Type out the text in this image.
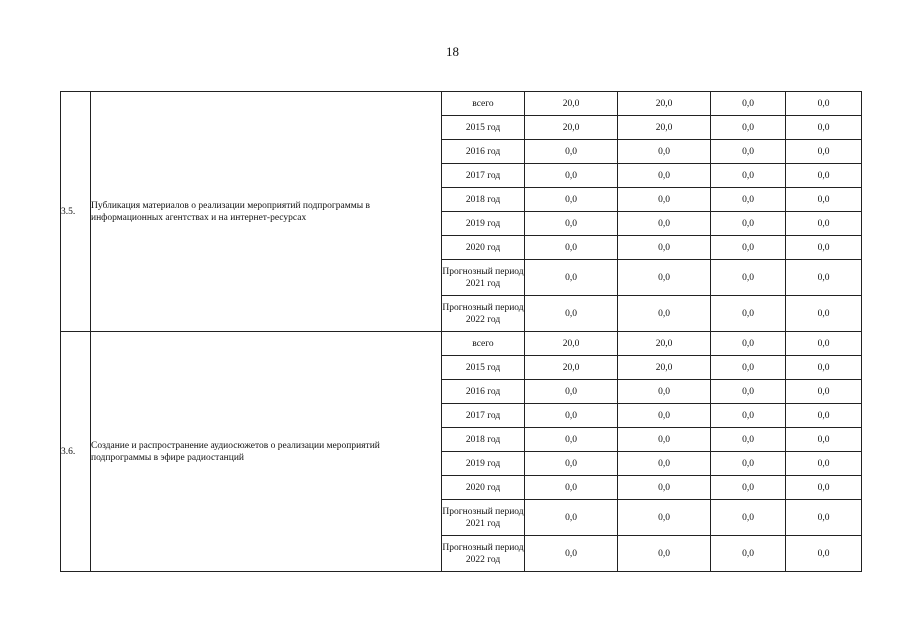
18
3.5.	Публикация материалов о реализации мероприятий подпрограммы в информационных агентствах и на интернет-ресурсах	всего	20,0	20,0	0,0	0,0
		2015 год	20,0	20,0	0,0	0,0
		2016 год	0,0	0,0	0,0	0,0
		2017 год	0,0	0,0	0,0	0,0
		2018 год	0,0	0,0	0,0	0,0
		2019 год	0,0	0,0	0,0	0,0
		2020 год	0,0	0,0	0,0	0,0
		Прогнозный период 2021 год	0,0	0,0	0,0	0,0
		Прогнозный период 2022 год	0,0	0,0	0,0	0,0
3.6.	Создание и распространение аудиосюжетов о реализации мероприятий подпрограммы в эфире радиостанций	всего	20,0	20,0	0,0	0,0
		2015 год	20,0	20,0	0,0	0,0
		2016 год	0,0	0,0	0,0	0,0
		2017 год	0,0	0,0	0,0	0,0
		2018 год	0,0	0,0	0,0	0,0
		2019 год	0,0	0,0	0,0	0,0
		2020 год	0,0	0,0	0,0	0,0
		Прогнозный период 2021 год	0,0	0,0	0,0	0,0
		Прогнозный период 2022 год	0,0	0,0	0,0	0,0
